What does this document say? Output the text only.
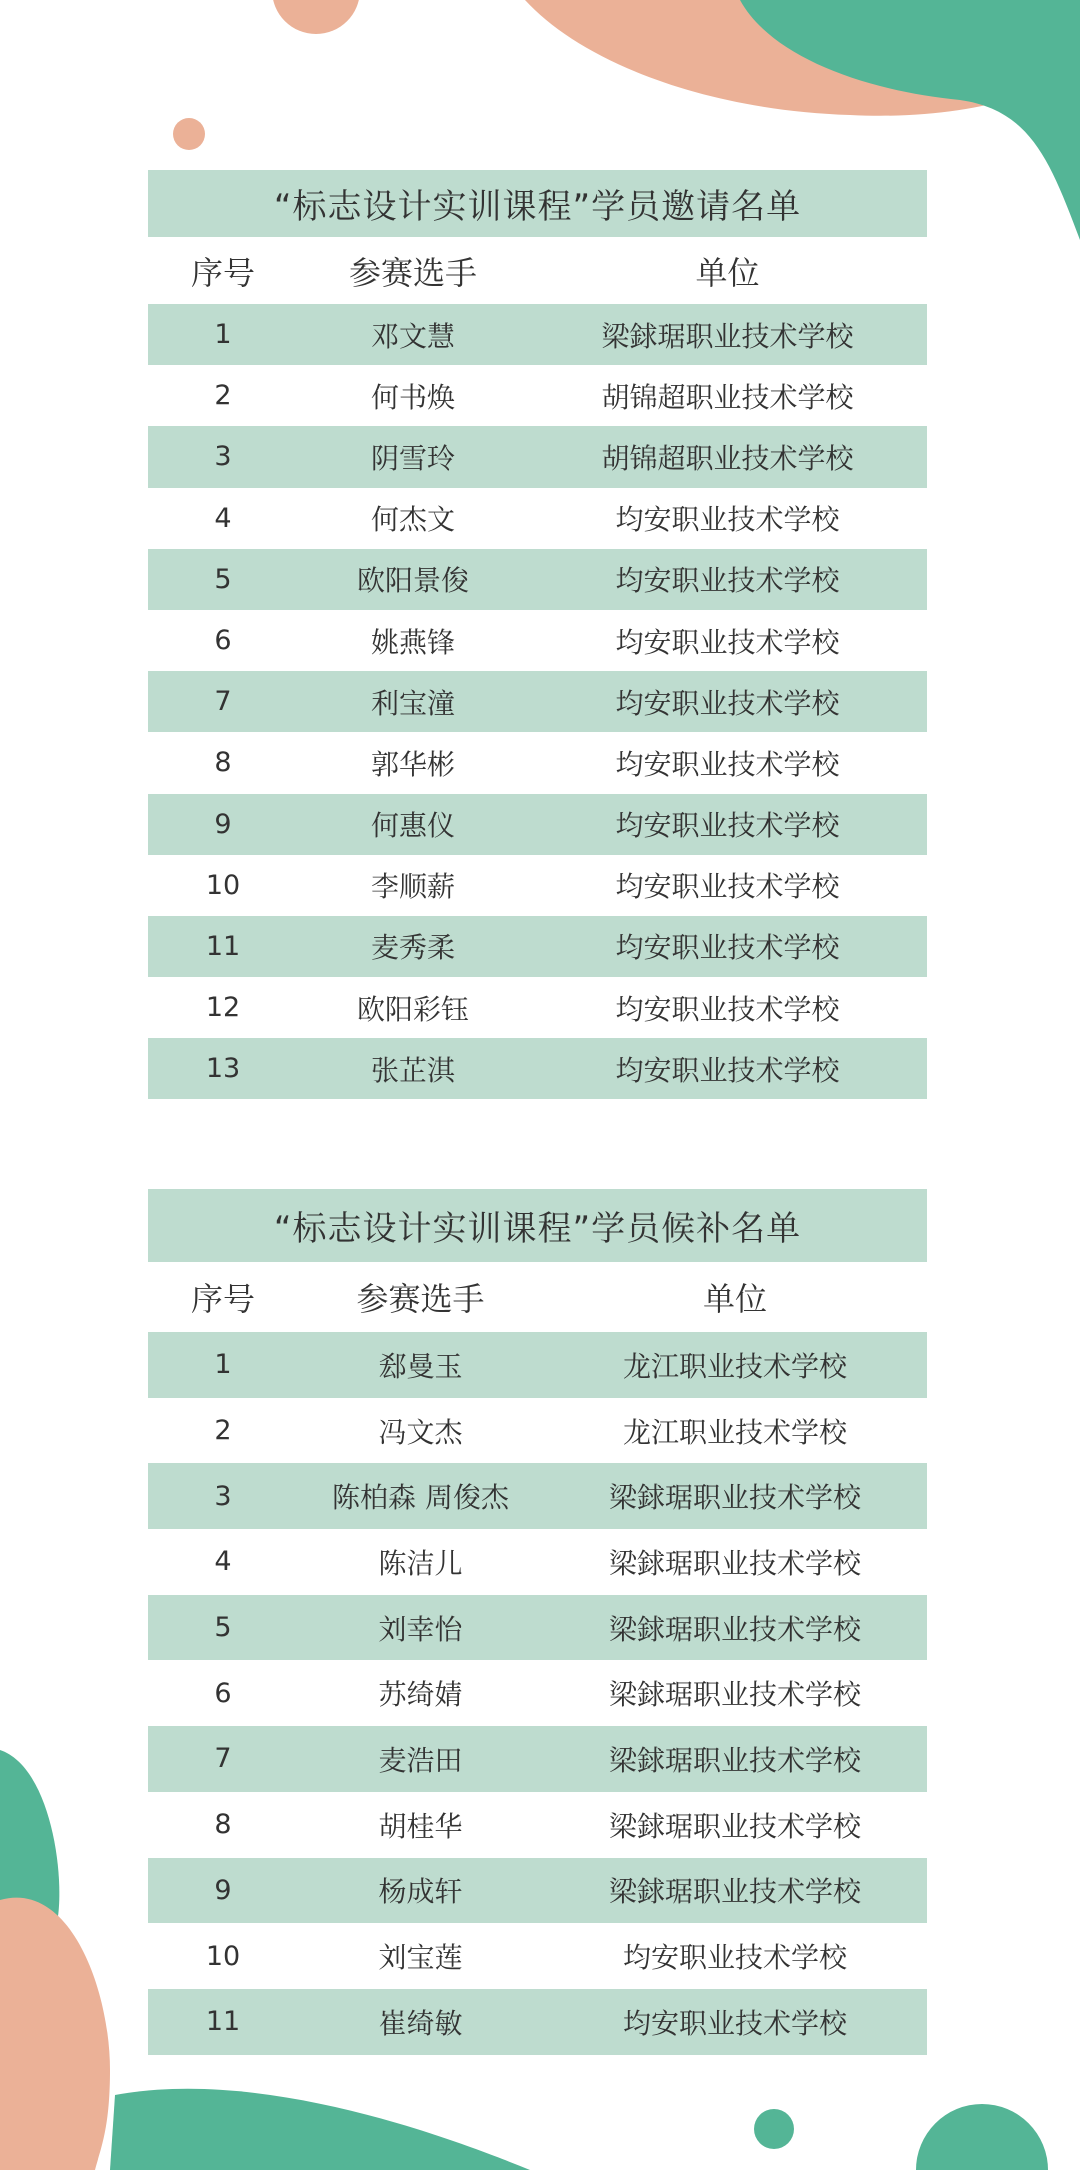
“标志设计实训课程”学员邀请名单
序号	参赛选手	单位
1	邓文慧	梁銶琚职业技术学校
2	何书焕	胡锦超职业技术学校
3	阴雪玲	胡锦超职业技术学校
4	何杰文	均安职业技术学校
5	欧阳景俊	均安职业技术学校
6	姚燕锋	均安职业技术学校
7	利宝潼	均安职业技术学校
8	郭华彬	均安职业技术学校
9	何惠仪	均安职业技术学校
10	李顺薪	均安职业技术学校
11	麦秀柔	均安职业技术学校
12	欧阳彩钰	均安职业技术学校
13	张芷淇	均安职业技术学校
“标志设计实训课程”学员候补名单
序号	参赛选手	单位
1	郄曼玉	龙江职业技术学校
2	冯文杰	龙江职业技术学校
3	陈柏森 周俊杰	梁銶琚职业技术学校
4	陈洁儿	梁銶琚职业技术学校
5	刘幸怡	梁銶琚职业技术学校
6	苏绮婧	梁銶琚职业技术学校
7	麦浩田	梁銶琚职业技术学校
8	胡桂华	梁銶琚职业技术学校
9	杨成轩	梁銶琚职业技术学校
10	刘宝莲	均安职业技术学校
11	崔绮敏	均安职业技术学校
